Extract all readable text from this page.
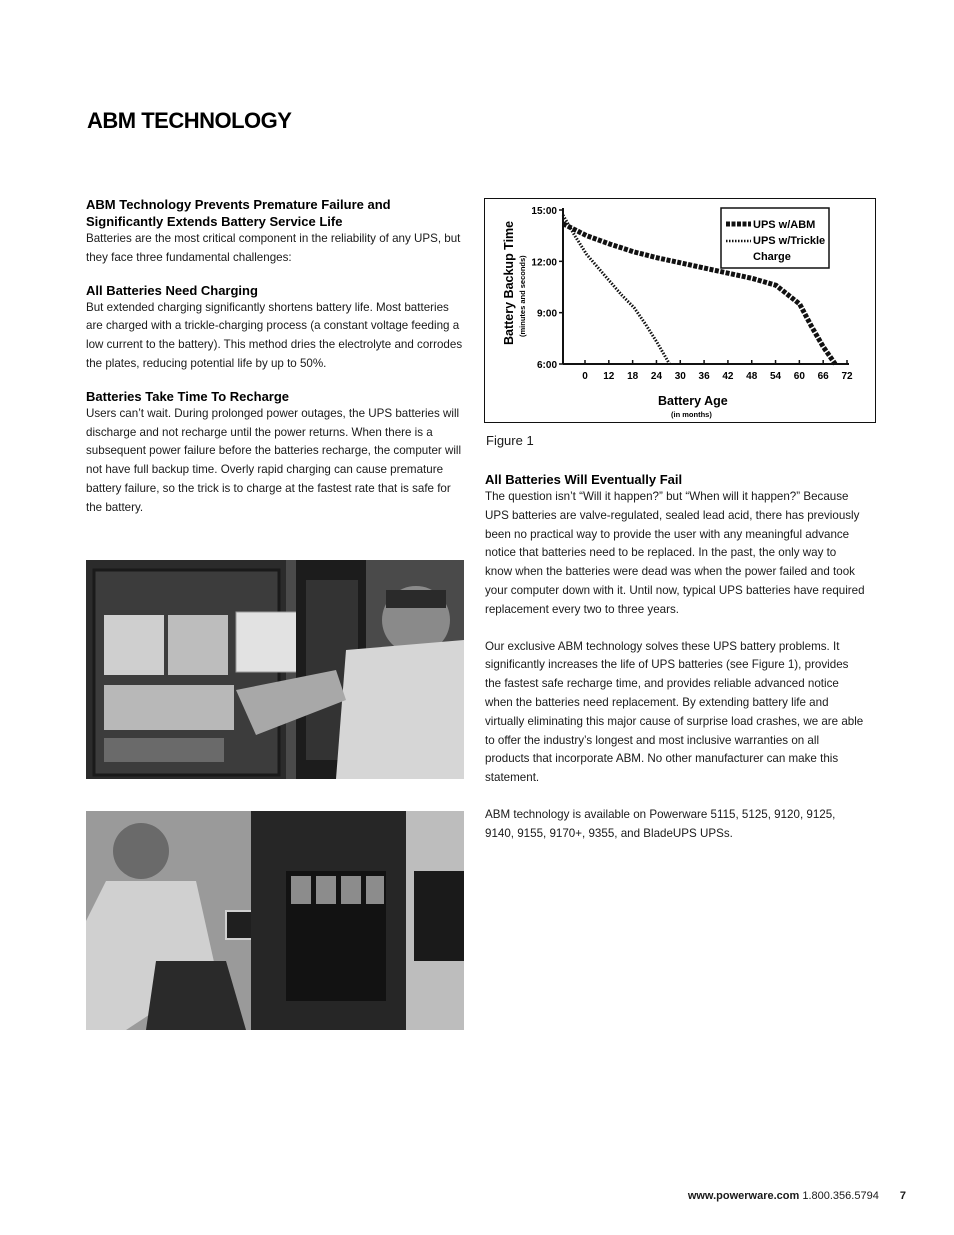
ABM TECHNOLOGY
ABM Technology Prevents Premature Failure and
Significantly Extends Battery Service Life

Batteries are the most critical component in the reliability of any UPS, but they face three fundamental challenges:

All Batteries Need Charging

But extended charging significantly shortens battery life. Most batteries are charged with a trickle-charging process (a constant voltage feeding a low current to the battery). This method dries the electrolyte and corrodes the plates, reducing potential life by up to 50%.

Batteries Take Time To Recharge

Users can’t wait. During prolonged power outages, the UPS batteries will discharge and not recharge until the power returns. When there is a subsequent power failure before the batteries recharge, the computer will not have full backup time. Overly rapid charging can cause premature battery failure, so the trick is to charge at the fastest rate that is safe for the battery.

Battery Backup Time (minutes and seconds)
Battery Age
(in months)
15:00
12:00
9:00
6:00
0 12 18 24 30 36 42 48 54 60 66 72
UPS w/ABM
UPS w/Trickle
Charge
Figure 1
All Batteries Will Eventually Fail

The question isn’t “Will it happen?” but “When will it happen?” Because UPS batteries are valve-regulated, sealed lead acid, there has previously been no practical way to provide the user with any meaningful advance notice that batteries need to be replaced. In the past, the only way to know when the batteries were dead was when the power failed and took your computer down with it. Until now, typical UPS batteries have required replacement every two to three years.

Our exclusive ABM technology solves these UPS battery problems. It significantly increases the life of UPS batteries (see Figure 1), provides the fastest safe recharge time, and provides reliable advanced notice when the batteries need replacement. By extending battery life and virtually eliminating this major cause of surprise load crashes, we are able to offer the industry’s longest and most inclusive warranties on all products that incorporate ABM. No other manufacturer can make this statement.

ABM technology is available on Powerware 5115, 5125, 9120, 9125, 9140, 9155, 9170+, 9355, and BladeUPS UPSs.

www.powerware.com 1.800.356.5794 7
